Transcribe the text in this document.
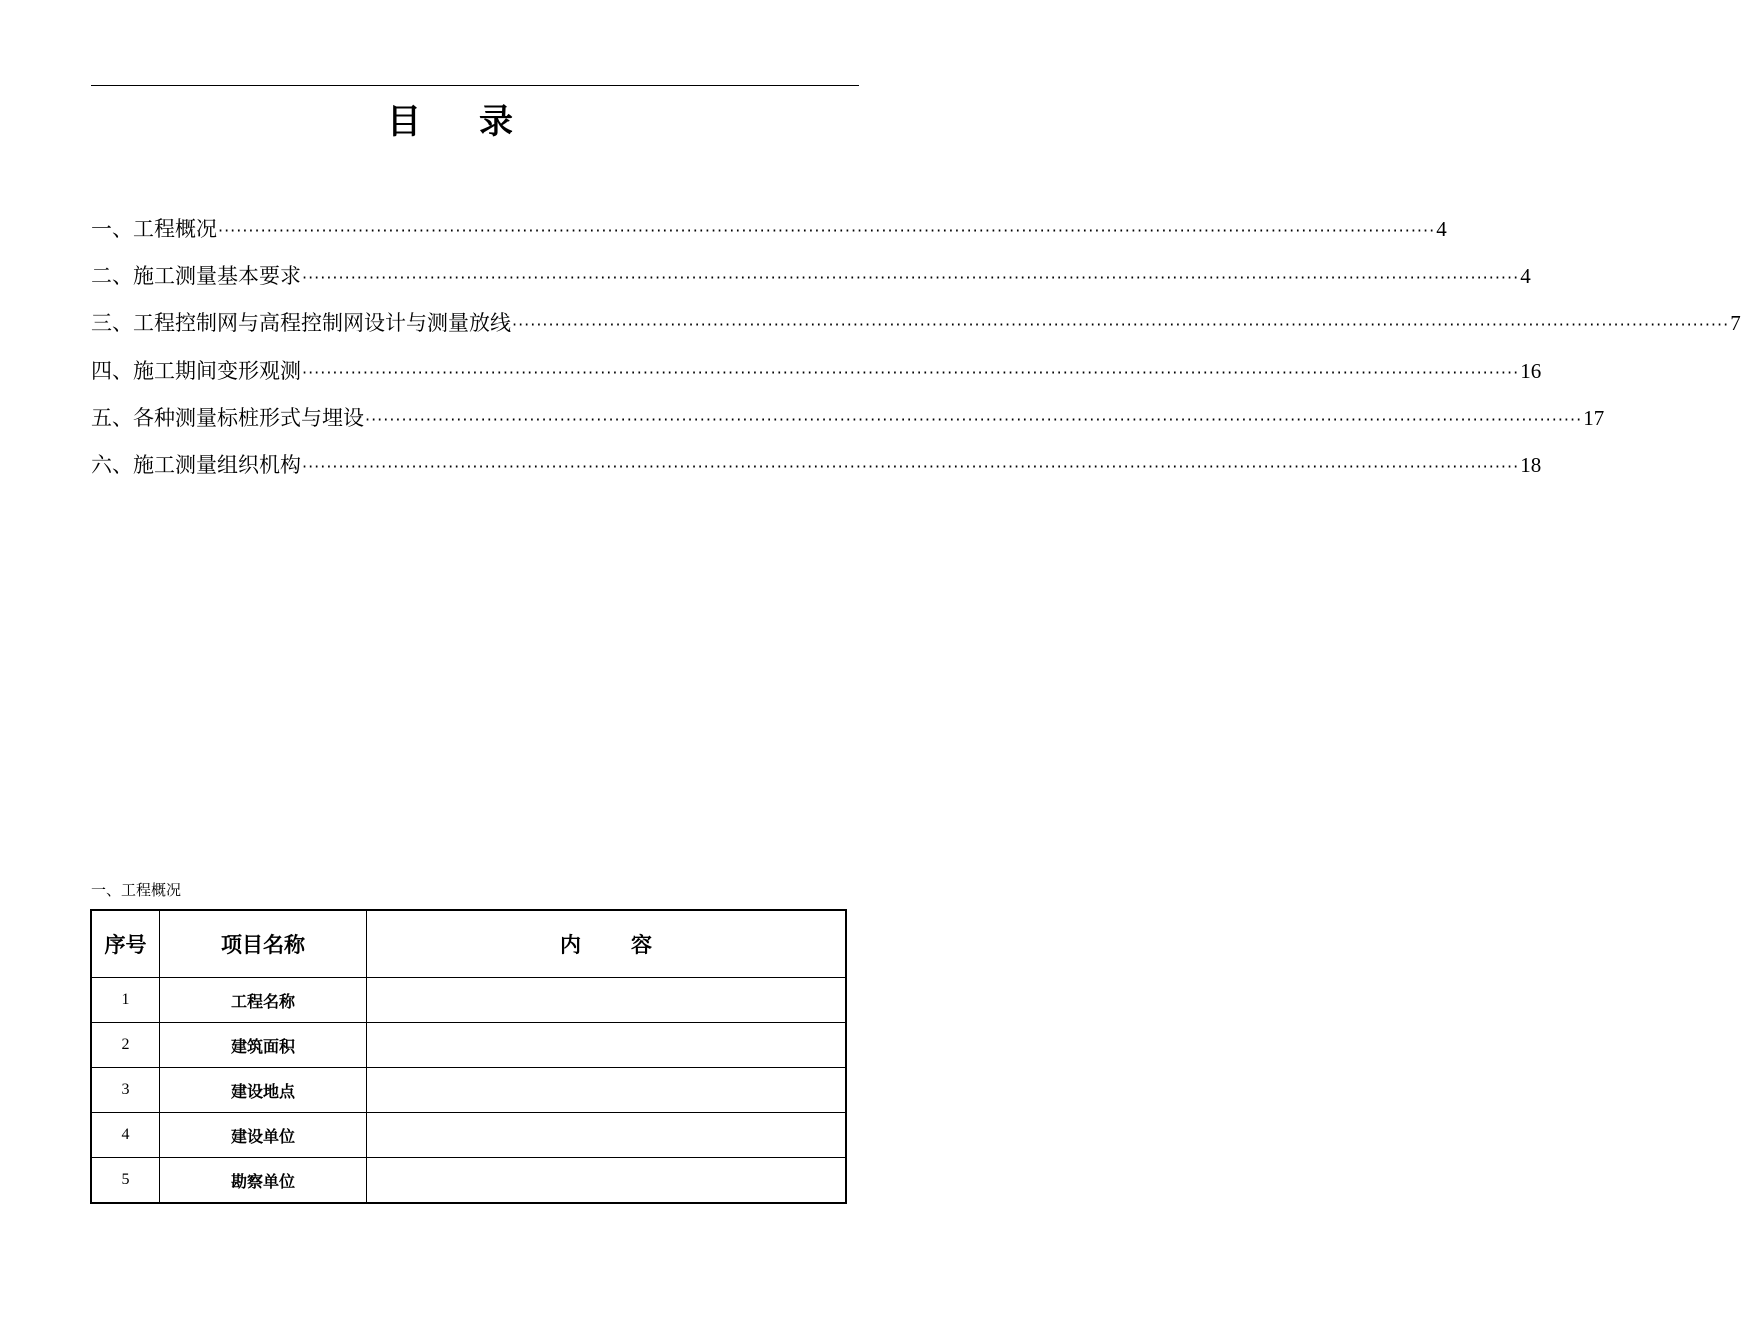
目 录
一、工程概况 ········································································································································································································ 4
二、施工测量基本要求 ········································································································································································································ 4
三、工程控制网与高程控制网设计与测量放线 ········································································································································································································ 7
四、施工期间变形观测 ········································································································································································································ 16
五、各种测量标桩形式与埋设 ········································································································································································································ 17
六、施工测量组织机构 ········································································································································································································ 18
一、工程概况
序号	项目名称	内 容
1	工程名称	
2	建筑面积	
3	建设地点	
4	建设单位	
5	勘察单位	
